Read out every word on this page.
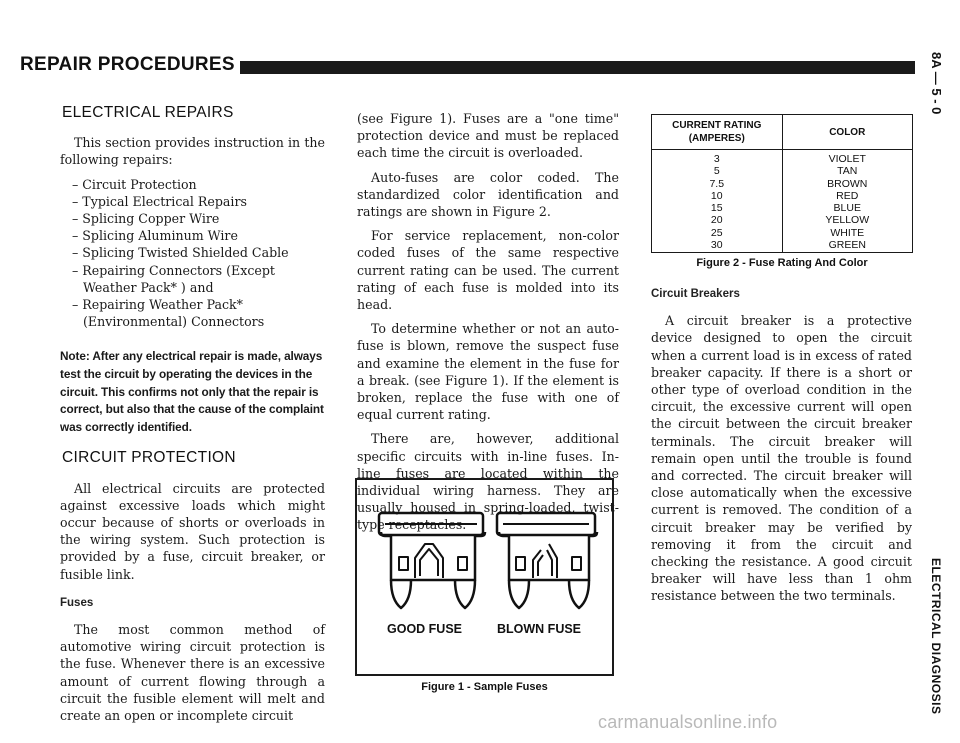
REPAIR PROCEDURES	8A — 5 - 0
ELECTRICAL DIAGNOSIS
ELECTRICAL REPAIRS

This section provides instruction in the following repairs:

– Circuit Protection
– Typical Electrical Repairs
– Splicing Copper Wire
– Splicing Aluminum Wire
– Splicing Twisted Shielded Cable
– Repairing Connectors (Except Weather Pack* ) and
– Repairing Weather Pack* (Environmental) Connectors

Note: After any electrical repair is made, always test the circuit by operating the devices in the circuit. This confirms not only that the repair is correct, but also that the cause of the complaint was correctly identified.

CIRCUIT PROTECTION

All electrical circuits are protected against excessive loads which might occur because of shorts or overloads in the wiring system. Such protection is provided by a fuse, circuit breaker, or fusible link.

Fuses

The most common method of automotive wiring circuit protection is the fuse. Whenever there is an excessive amount of current flowing through a circuit the fusible element will melt and create an open or incomplete circuit

(see Figure 1). Fuses are a "one time" protection device and must be replaced each time the circuit is overloaded.

Auto-fuses are color coded. The standardized color identification and ratings are shown in Figure 2.

For service replacement, non-color coded fuses of the same respective current rating can be used. The current rating of each fuse is molded into its head.

To determine whether or not an auto-fuse is blown, remove the suspect fuse and examine the element in the fuse for a break. (see Figure 1). If the element is broken, replace the fuse with one of equal current rating.

There are, however, additional specific circuits with in-line fuses. In-line fuses are located within the individual wiring harness. They are usually housed in spring-loaded, twist-type receptacles.

GOOD FUSE	BLOWN FUSE
Figure 1 - Sample Fuses
CURRENT RATING (AMPERES)	COLOR
3	VIOLET
5	TAN
7.5	BROWN
10	RED
15	BLUE
20	YELLOW
25	WHITE
30	GREEN
Figure 2 - Fuse Rating And Color
Circuit Breakers

A circuit breaker is a protective device designed to open the circuit when a current load is in excess of rated breaker capacity. If there is a short or other type of overload condition in the circuit, the excessive current will open the circuit between the circuit breaker terminals. The circuit breaker will remain open until the trouble is found and corrected. The circuit breaker will close automatically when the excessive current is removed. The condition of a circuit breaker may be verified by removing it from the circuit and checking the resistance. A good circuit breaker will have less than 1 ohm resistance between the two terminals.

carmanualsonline.info
